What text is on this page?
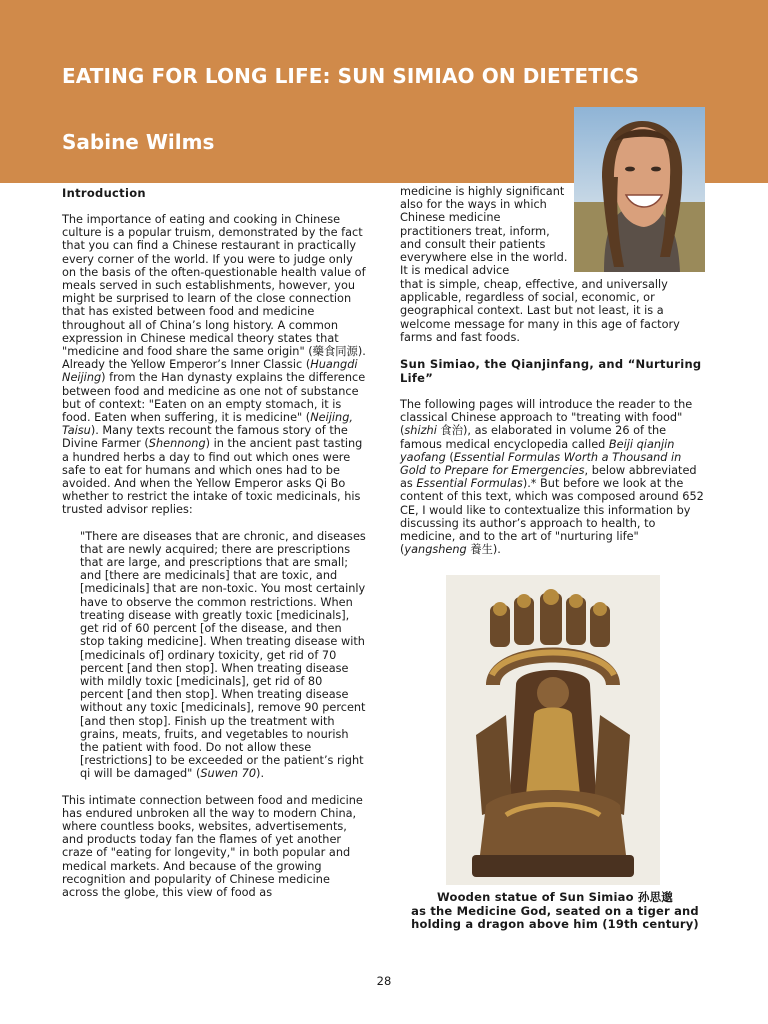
EATING FOR LONG LIFE: SUN SIMIAO ON DIETETICS
Sabine Wilms
Introduction

The importance of eating and cooking in Chinese culture is a popular truism, demonstrated by the fact that you can find a Chinese restaurant in practically every corner of the world. If you were to judge only on the basis of the often-questionable health value of meals served in such establishments, however, you might be surprised to learn of the close connection that has existed between food and medicine throughout all of China’s long history. A common expression in Chinese medical theory states that "medicine and food share the same origin" (藥食同源). Already the Yellow Emperor’s Inner Classic (Huangdi Neijing) from the Han dynasty explains the difference between food and medicine as one not of substance but of context: "Eaten on an empty stomach, it is food. Eaten when suffering, it is medicine" (Neijing, Taisu). Many texts recount the famous story of the Divine Farmer (Shennong) in the ancient past tasting a hundred herbs a day to find out which ones were safe to eat for humans and which ones had to be avoided. And when the Yellow Emperor asks Qi Bo whether to restrict the intake of toxic medicinals, his trusted advisor replies:

"There are diseases that are chronic, and diseases that are newly acquired; there are prescriptions that are large, and prescriptions that are small; and [there are medicinals] that are toxic, and [medicinals] that are non-toxic. You most certainly have to observe the common restrictions. When treating disease with greatly toxic [medicinals], get rid of 60 percent [of the disease, and then stop taking medicine]. When treating disease with [medicinals of] ordinary toxicity, get rid of 70 percent [and then stop]. When treating disease with mildly toxic [medicinals], get rid of 80 percent [and then stop]. When treating disease without any toxic [medicinals], remove 90 percent [and then stop]. Finish up the treatment with grains, meats, fruits, and vegetables to nourish the patient with food. Do not allow these [restrictions] to be exceeded or the patient’s right qi will be damaged" (Suwen 70).

This intimate connection between food and medicine has endured unbroken all the way to modern China, where countless books, websites, advertisements, and products today fan the flames of yet another craze of "eating for longevity," in both popular and medical markets. And because of the growing recognition and popularity of Chinese medicine across the globe, this view of food as

medicine is highly significant also for the ways in which Chinese medicine practitioners treat, inform, and consult their patients everywhere else in the world. It is medical advice

that is simple, cheap, effective, and universally applicable, regardless of social, economic, or geographical context. Last but not least, it is a welcome message for many in this age of factory farms and fast foods.

Sun Simiao, the Qianjinfang, and “Nurturing Life”

The following pages will introduce the reader to the classical Chinese approach to "treating with food" (shizhi 食治), as elaborated in volume 26 of the famous medical encyclopedia called Beiji qianjin yaofang (Essential Formulas Worth a Thousand in Gold to Prepare for Emergencies, below abbreviated as Essential Formulas).* But before we look at the content of this text, which was composed around 652 CE, I would like to contextualize this information by discussing its author’s approach to health, to medicine, and to the art of "nurturing life" (yangsheng 養生).

Wooden statue of Sun Simiao 孙思邈
as the Medicine God, seated on a tiger and
holding a dragon above him (19th century)
28
